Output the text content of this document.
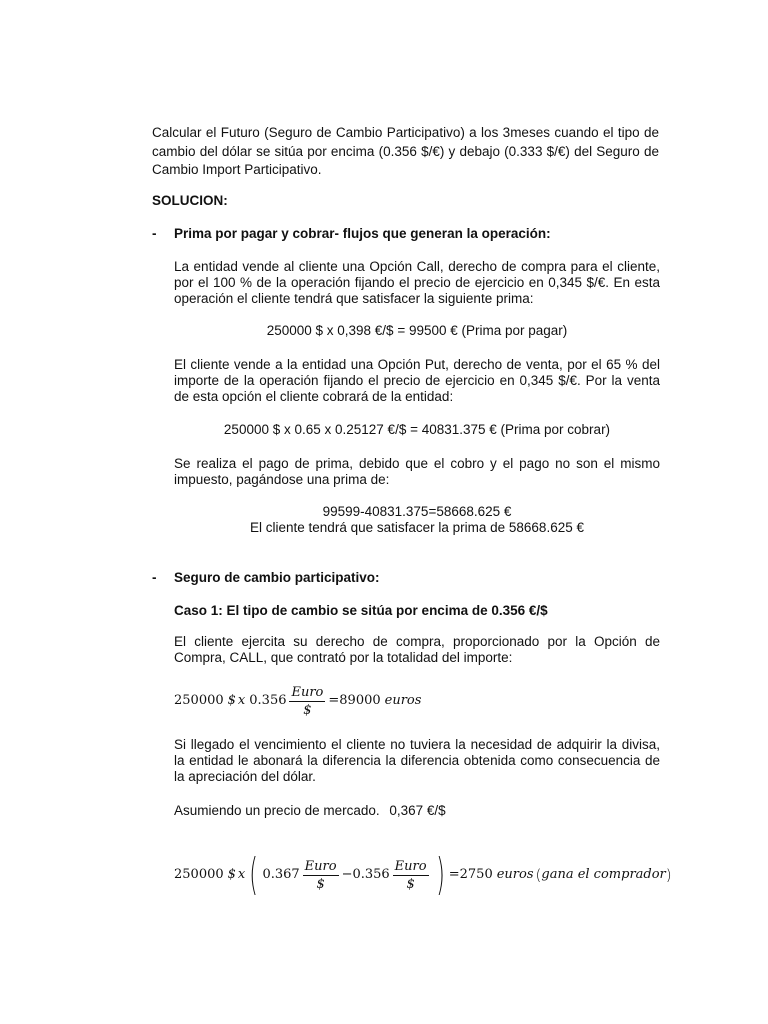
Calcular el Futuro (Seguro de Cambio Participativo) a los 3meses cuando el tipo de cambio del dólar se sitúa por encima (0.356 $/€) y debajo (0.333 $/€) del Seguro de Cambio Import Participativo.
SOLUCION:
- Prima por pagar y cobrar- flujos que generan la operación:
La entidad vende al cliente una Opción Call, derecho de compra para el cliente, por el 100 % de la operación fijando el precio de ejercicio en 0,345 $/€. En esta operación el cliente tendrá que satisfacer la siguiente prima:
250000 $ x 0,398 €/$ = 99500 € (Prima por pagar)
El cliente vende a la entidad una Opción Put, derecho de venta, por el 65 % del importe de la operación fijando el precio de ejercicio en 0,345 $/€. Por la venta de esta opción el cliente cobrará de la entidad:
250000 $ x 0.65 x 0.25127 €/$ = 40831.375 € (Prima por cobrar)
Se realiza el pago de prima, debido que el cobro y el pago no son el mismo impuesto, pagándose una prima de:
99599-40831.375=58668.625 €
El cliente tendrá que satisfacer la prima de 58668.625 €
- Seguro de cambio participativo:
Caso 1: El tipo de cambio se sitúa por encima de 0.356 €/$
El cliente ejercita su derecho de compra, proporcionado por la Opción de Compra, CALL, que contrató por la totalidad del importe:
250000 $ x $0.356 \frac{\text{Euro}}{\$} =89000$ euros
Si llegado el vencimiento el cliente no tuviera la necesidad de adquirir la divisa, la entidad le abonará la diferencia la diferencia obtenida como consecuencia de la apreciación del dólar.
Asumiendo un precio de mercado. 0,367 €/$
250000 $ x ( $0.367 \frac{\text{Euro}}{\$} -0.356 \frac{\text{Euro}}{\$}$ ) =2750 euros ( gana el comprador )
